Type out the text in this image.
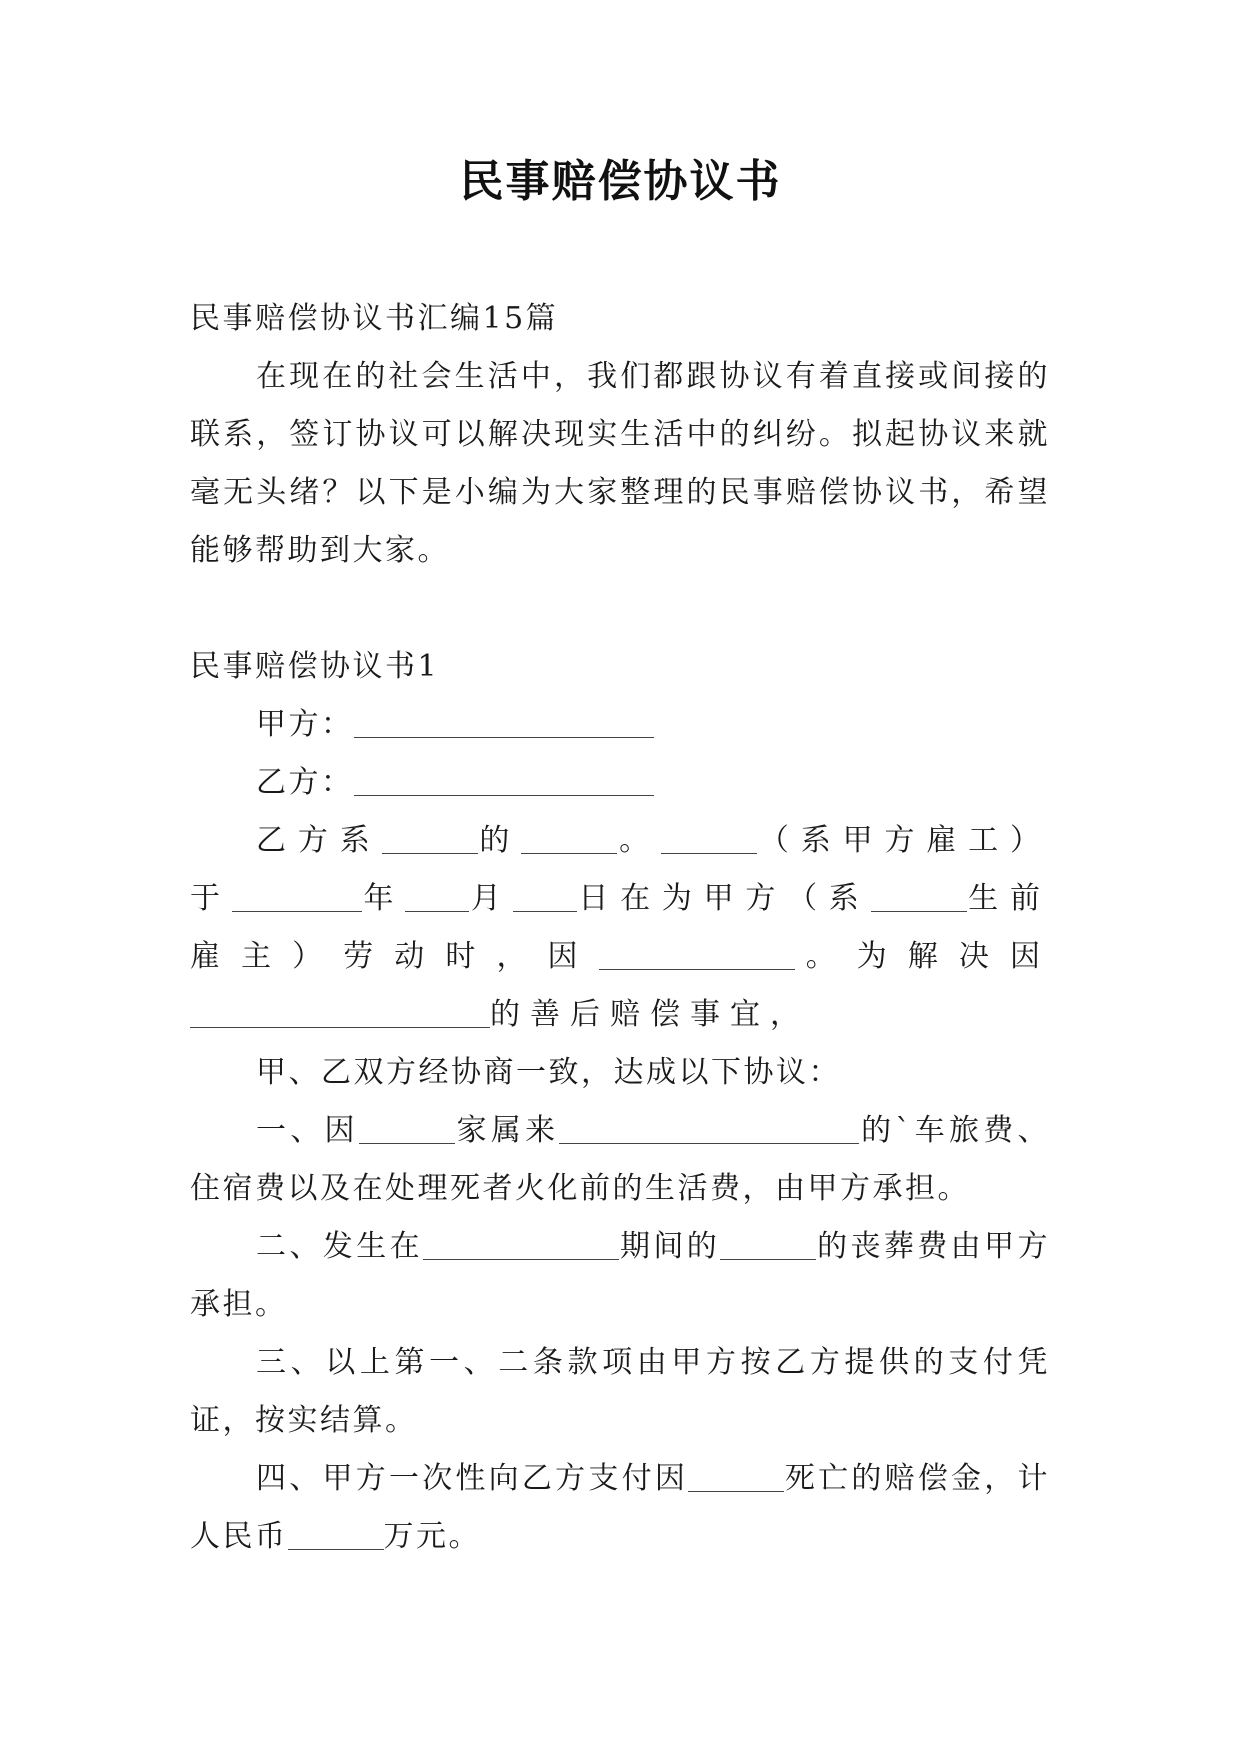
民事赔偿协议书

民事赔偿协议书汇编15篇

在现在的社会生活中，我们都跟协议有着直接或间接的联系，签订协议可以解决现实生活中的纠纷。拟起协议来就毫无头绪？以下是小编为大家整理的民事赔偿协议书，希望能够帮助到大家。

民事赔偿协议书1

甲方：

乙方：

乙方系	的	。	（系甲方雇工）于	年 月 日在为甲方（系	生前雇主）劳动时，因	。为解决因的善后赔偿事宜，

甲、乙双方经协商一致，达成以下协议：

一、因	家属来	的`车旅费、住宿费以及在处理死者火化前的生活费，由甲方承担。

二、发生在	期间的	的丧葬费由甲方承担。

三、以上第一、二条款项由甲方按乙方提供的支付凭证，按实结算。

四、甲方一次性向乙方支付因	死亡的赔偿金，计人民币	万元。
